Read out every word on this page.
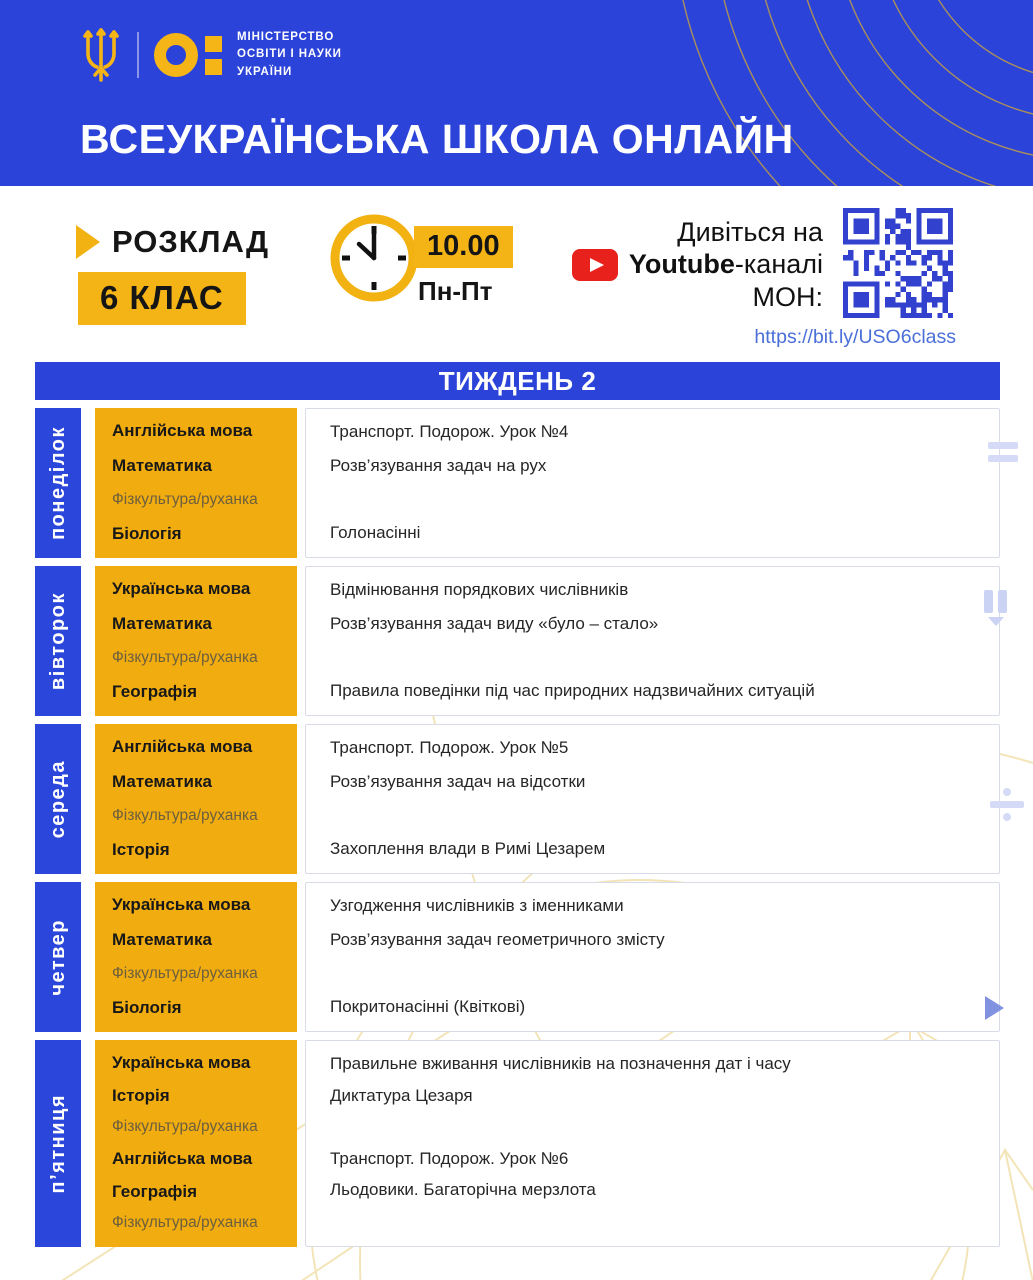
МІНІСТЕРСТВО
ОСВІТИ І НАУКИ
УКРАЇНИ
ВСЕУКРАЇНСЬКА ШКОЛА ОНЛАЙН
РОЗКЛАД
6 КЛАС
10.00
Пн-Пт
Дивіться на
Youtube-каналі
МОН:
https://bit.ly/USO6class
ТИЖДЕНЬ 2
понеділок	Англійська мова
Математика
Фізкультура/руханка
Біологія
Транспорт. Подорож. Урок №4
Розв’язування задач на рух
Голонасінні
вівторок
Українська мова
Математика
Фізкультура/руханка
Географія
Відмінювання порядкових числівників
Розв’язування задач виду «було – стало»
Правила поведінки під час природних надзвичайних ситуацій
середа
Англійська мова
Математика
Фізкультура/руханка
Історія
Транспорт. Подорож. Урок №5
Розв’язування задач на відсотки
Захоплення влади в Римі Цезарем
четвер
Українська мова
Математика
Фізкультура/руханка
Біологія
Узгодження числівників з іменниками
Розв’язування задач геометричного змісту
Покритонасінні (Квіткові)
п’ятниця
Українська мова
Історія
Фізкультура/руханка
Англійська мова
Географія
Фізкультура/руханка
Правильне вживання числівників на позначення дат і часу
Диктатура Цезаря
Транспорт. Подорож. Урок №6
Льодовики. Багаторічна мерзлота
